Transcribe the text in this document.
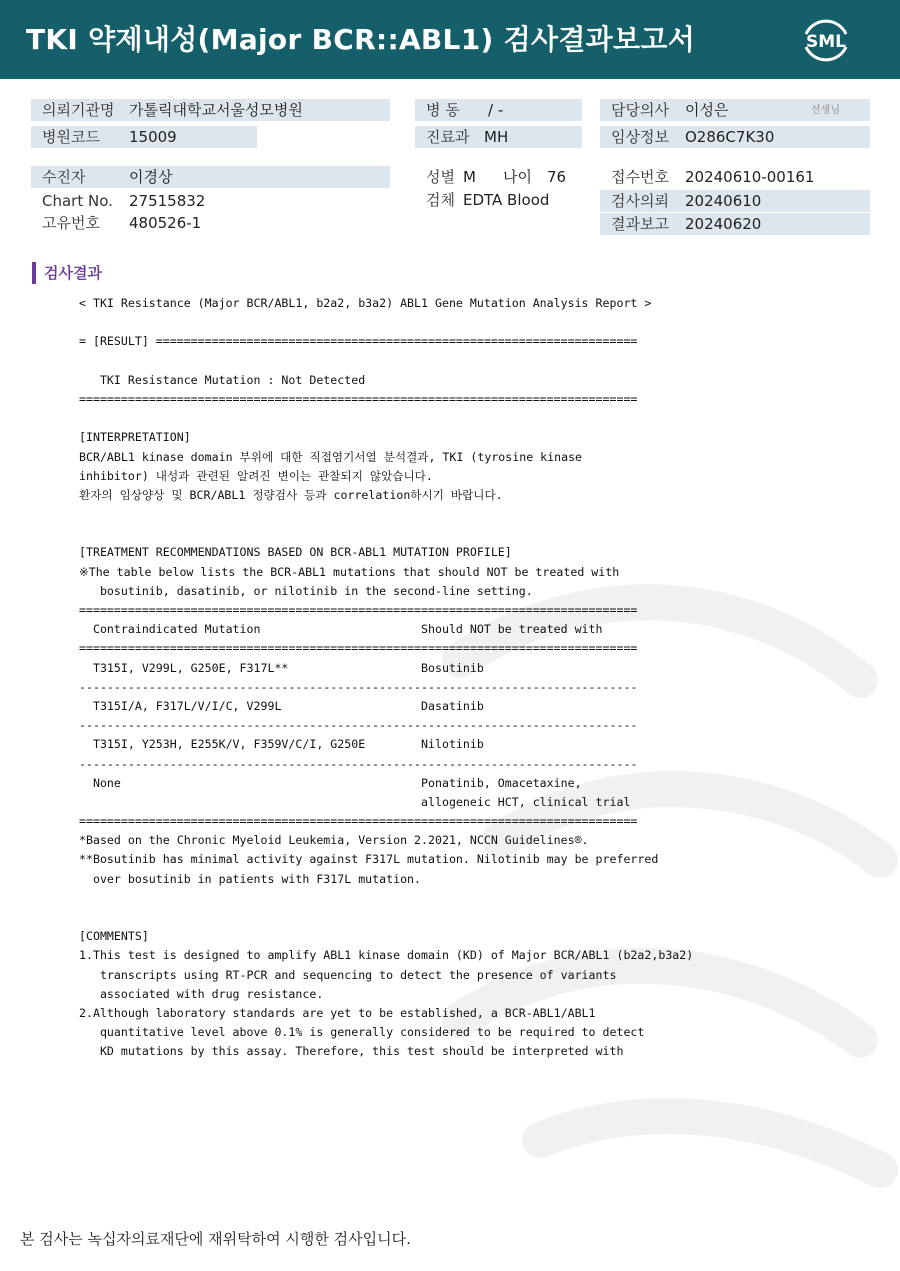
TKI 약제내성(Major BCR::ABL1) 검사결과보고서	SML
의뢰기관명 가톨릭대학교서울성모병원	병 동 / -	담당의사 이성은	선생님
병원코드 15009	진료과 MH	임상정보 O286C7K30
수진자	이경상	성별 M 나이 76	접수번호 20240610-00161
Chart No. 27515832	검체 EDTA Blood	검사의뢰 20240610
고유번호 480526-1	결과보고 20240620
검사결과
< TKI Resistance (Major BCR/ABL1, b2a2, b3a2) ABL1 Gene Mutation Analysis Report >
= [RESULT] =====================================================================
TKI Resistance Mutation : Not Detected
================================================================================
[INTERPRETATION]
BCR/ABL1 kinase domain 부위에 대한 직접염기서열 분석결과, TKI (tyrosine kinase
inhibitor) 내성과 관련된 알려진 변이는 관찰되지 않았습니다.
환자의 임상양상 및 BCR/ABL1 정량검사 등과 correlation하시기 바랍니다.
[TREATMENT RECOMMENDATIONS BASED ON BCR-ABL1 MUTATION PROFILE]
※The table below lists the BCR-ABL1 mutations that should NOT be treated with
bosutinib, dasatinib, or nilotinib in the second-line setting.
================================================================================
Contraindicated Mutation                       Should NOT be treated with
================================================================================
T315I, V299L, G250E, F317L**                   Bosutinib
--------------------------------------------------------------------------------
T315I/A, F317L/V/I/C, V299L                    Dasatinib
--------------------------------------------------------------------------------
T315I, Y253H, E255K/V, F359V/C/I, G250E        Nilotinib
--------------------------------------------------------------------------------
None                                           Ponatinib, Omacetaxine,
allogeneic HCT, clinical trial
================================================================================
*Based on the Chronic Myeloid Leukemia, Version 2.2021, NCCN Guidelines®.
**Bosutinib has minimal activity against F317L mutation. Nilotinib may be preferred
over bosutinib in patients with F317L mutation.
[COMMENTS]
1.This test is designed to amplify ABL1 kinase domain (KD) of Major BCR/ABL1 (b2a2,b3a2)
transcripts using RT-PCR and sequencing to detect the presence of variants
associated with drug resistance.
2.Although laboratory standards are yet to be established, a BCR-ABL1/ABL1
quantitative level above 0.1% is generally considered to be required to detect
KD mutations by this assay. Therefore, this test should be interpreted with
본 검사는 녹십자의료재단에 재위탁하여 시행한 검사입니다.
